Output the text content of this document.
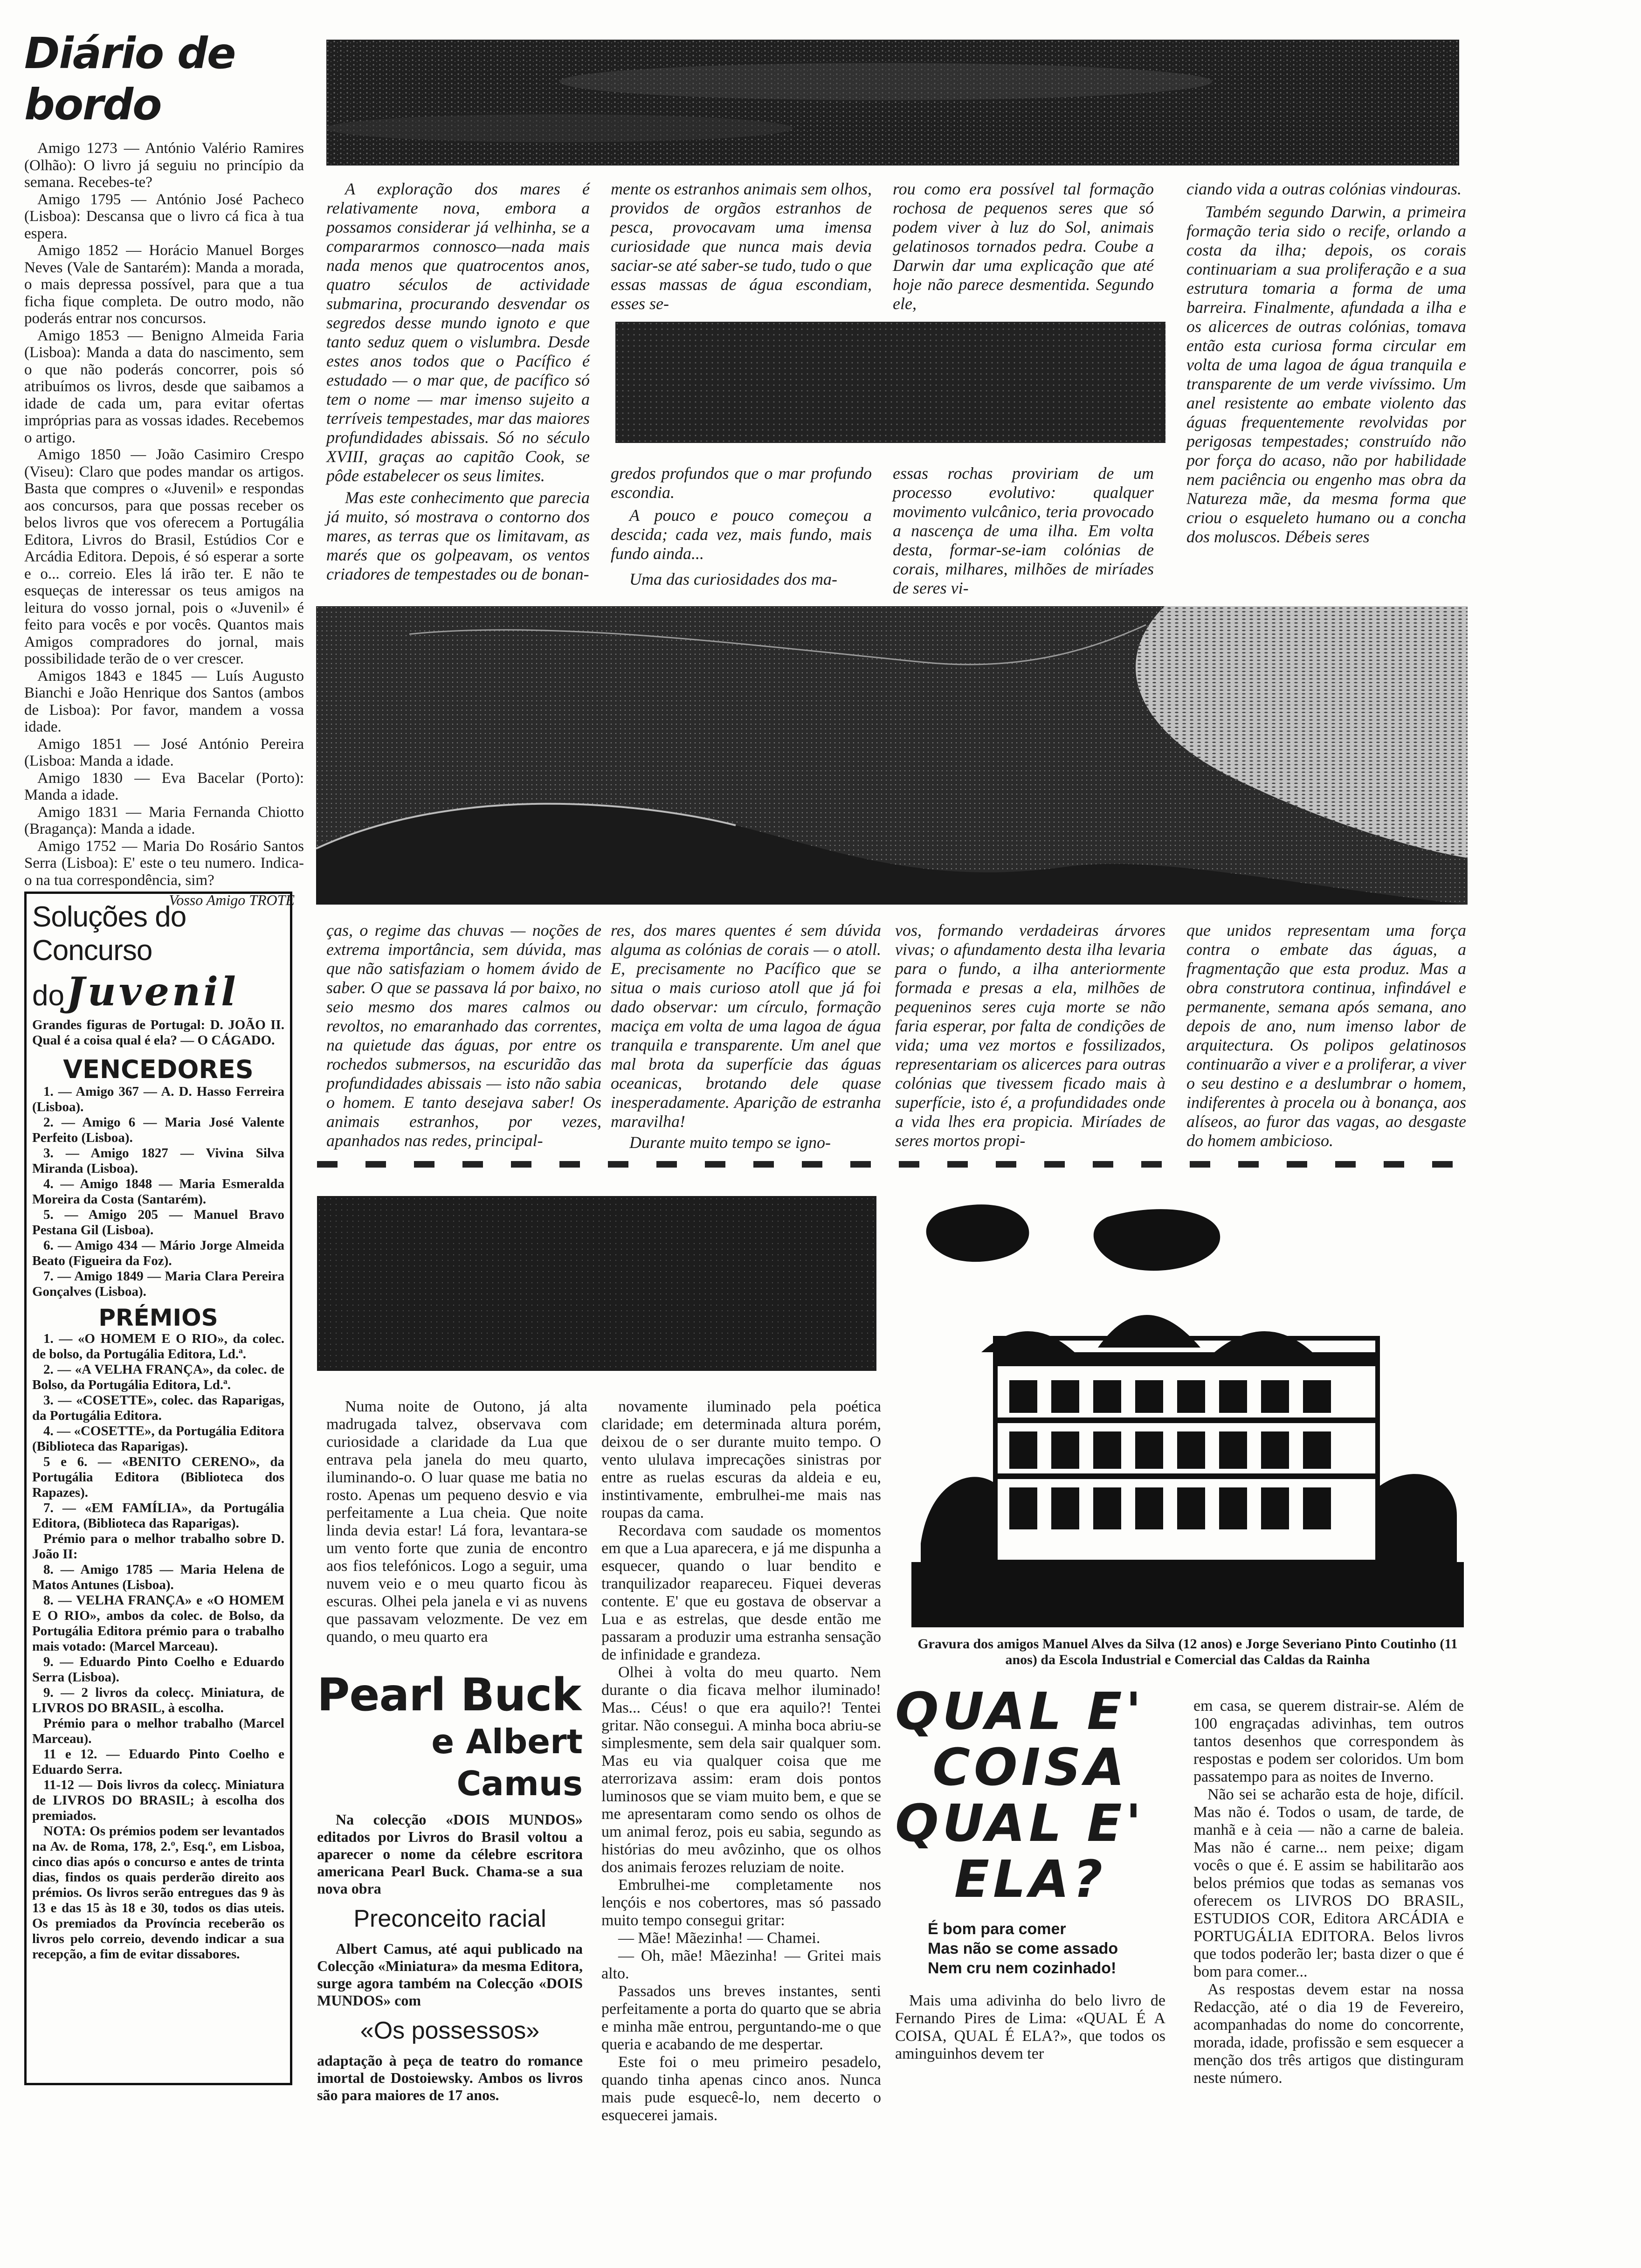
Diário de bordo

Amigo 1273 — António Valério Ramires (Olhão): O livro já seguiu no princípio da semana. Recebes-te?

Amigo 1795 — António José Pacheco (Lisboa): Descansa que o livro cá fica à tua espera.

Amigo 1852 — Horácio Manuel Borges Neves (Vale de Santarém): Manda a morada, o mais depressa possível, para que a tua ficha fique completa. De outro modo, não poderás entrar nos concursos.

Amigo 1853 — Benigno Almeida Faria (Lisboa): Manda a data do nascimento, sem o que não poderás concorrer, pois só atribuímos os livros, desde que saibamos a idade de cada um, para evitar ofertas impróprias para as vossas idades. Recebemos o artigo.

Amigo 1850 — João Casimiro Crespo (Viseu): Claro que podes mandar os artigos. Basta que compres o «Juvenil» e respondas aos concursos, para que possas receber os belos livros que vos oferecem a Portugália Editora, Livros do Brasil, Estúdios Cor e Arcádia Editora. Depois, é só esperar a sorte e o... correio. Eles lá irão ter. E não te esqueças de interessar os teus amigos na leitura do vosso jornal, pois o «Juvenil» é feito para vocês e por vocês. Quantos mais Amigos compradores do jornal, mais possibilidade terão de o ver crescer.

Amigos 1843 e 1845 — Luís Augusto Bianchi e João Henrique dos Santos (ambos de Lisboa): Por favor, mandem a vossa idade.

Amigo 1851 — José António Pereira (Lisboa: Manda a idade.

Amigo 1830 — Eva Bacelar (Porto): Manda a idade.

Amigo 1831 — Maria Fernanda Chiotto (Bragança): Manda a idade.

Amigo 1752 — Maria Do Rosário Santos Serra (Lisboa): E' este o teu numero. Indica-o na tua correspondência, sim?

Vosso Amigo TROTE
Soluções do Concurso
do Juvenil
Grandes figuras de Portugal: D. JOÃO II. Qual é a coisa qual é ela? — O CÁGADO.
VENCEDORES

1. — Amigo 367 — A. D. Hasso Ferreira (Lisboa).

2. — Amigo 6 — Maria José Valente Perfeito (Lisboa).

3. — Amigo 1827 — Vivina Silva Miranda (Lisboa).

4. — Amigo 1848 — Maria Esmeralda Moreira da Costa (Santarém).

5. — Amigo 205 — Manuel Bravo Pestana Gil (Lisboa).

6. — Amigo 434 — Mário Jorge Almeida Beato (Figueira da Foz).

7. — Amigo 1849 — Maria Clara Pereira Gonçalves (Lisboa).

PRÉMIOS

1. — «O HOMEM E O RIO», da colec. de bolso, da Portugália Editora, Ld.ª.

2. — «A VELHA FRANÇA», da colec. de Bolso, da Portugália Editora, Ld.ª.

3. — «COSETTE», colec. das Raparigas, da Portugália Editora.

4. — «COSETTE», da Portugália Editora (Biblioteca das Raparigas).

5 e 6. — «BENITO CERENO», da Portugália Editora (Biblioteca dos Rapazes).

7. — «EM FAMÍLIA», da Portugália Editora, (Biblioteca das Raparigas).

Prémio para o melhor trabalho sobre D. João II:

8. — Amigo 1785 — Maria Helena de Matos Antunes (Lisboa).

8. — VELHA FRANÇA» e «O HOMEM E O RIO», ambos da colec. de Bolso, da Portugália Editora prémio para o trabalho mais votado: (Marcel Marceau).

9. — Eduardo Pinto Coelho e Eduardo Serra (Lisboa).

9. — 2 livros da colecç. Miniatura, de LIVROS DO BRASIL, à escolha.

Prémio para o melhor trabalho (Marcel Marceau).

11 e 12. — Eduardo Pinto Coelho e Eduardo Serra.

11-12 — Dois livros da colecç. Miniatura de LIVROS DO BRASIL; à escolha dos premiados.

NOTA: Os prémios podem ser levantados na Av. de Roma, 178, 2.º, Esq.º, em Lisboa, cinco dias após o concurso e antes de trinta dias, findos os quais perderão direito aos prémios. Os livros serão entregues das 9 às 13 e das 15 às 18 e 30, todos os dias uteis. Os premiados da Província receberão os livros pelo correio, devendo indicar a sua recepção, a fim de evitar dissabores.

A exploração dos mares é relativamente nova, embora a possamos considerar já velhinha, se a compararmos connosco—nada mais nada menos que quatrocentos anos, quatro séculos de actividade submarina, procurando desvendar os segredos desse mundo ignoto e que tanto seduz quem o vislumbra. Desde estes anos todos que o Pacífico é estudado — o mar que, de pacífico só tem o nome — mar imenso sujeito a terríveis tempestades, mar das maiores profundidades abissais. Só no século XVIII, graças ao capitão Cook, se pôde estabelecer os seus limites.

Mas este conhecimento que parecia já muito, só mostrava o contorno dos mares, as terras que os limitavam, as marés que os golpeavam, os ventos criadores de tempestades ou de bonan-

mente os estranhos animais sem olhos, providos de orgãos estranhos de pesca, provocavam uma imensa curiosidade que nunca mais devia saciar-se até saber-se tudo, tudo o que essas massas de água escondiam, esses se-
rou como era possível tal formação rochosa de pequenos seres que só podem viver à luz do Sol, animais gelatinosos tornados pedra. Coube a Darwin dar uma explicação que até hoje não parece desmentida. Segundo ele,

gredos profundos que o mar profundo escondia.

A pouco e pouco começou a descida; cada vez, mais fundo, mais fundo ainda...

Uma das curiosidades dos ma-

essas rochas proviriam de um processo evolutivo: qualquer movimento vulcânico, teria provocado a nascença de uma ilha. Em volta desta, formar-se-iam colónias de corais, milhares, milhões de miríades de seres vi-

ciando vida a outras colónias vindouras.

Também segundo Darwin, a primeira formação teria sido o recife, orlando a costa da ilha; depois, os corais continuariam a sua proliferação e a sua estrutura tomaria a forma de uma barreira. Finalmente, afundada a ilha e os alicerces de outras colónias, tomava então esta curiosa forma circular em volta de uma lagoa de água tranquila e transparente de um verde vivíssimo. Um anel resistente ao embate violento das águas frequentemente revolvidas por perigosas tempestades; construído não por força do acaso, não por habilidade nem paciência ou engenho mas obra da Natureza mãe, da mesma forma que criou o esqueleto humano ou a concha dos moluscos. Débeis seres

ças, o regime das chuvas — noções de extrema importância, sem dúvida, mas que não satisfaziam o homem ávido de saber. O que se passava lá por baixo, no seio mesmo dos mares calmos ou revoltos, no emaranhado das correntes, na quietude das águas, por entre os rochedos submersos, na escuridão das profundidades abissais — isto não sabia o homem. E tanto desejava saber! Os animais estranhos, por vezes, apanhados nas redes, principal-

res, dos mares quentes é sem dúvida alguma as colónias de corais — o atoll. E, precisamente no Pacífico que se situa o mais curioso atoll que já foi dado observar: um círculo, formação maciça em volta de uma lagoa de água tranquila e transparente. Um anel que mal brota da superfície das águas oceanicas, brotando dele quase inesperadamente. Aparição de estranha maravilha!

Durante muito tempo se igno-

vos, formando verdadeiras árvores vivas; o afundamento desta ilha levaria para o fundo, a ilha anteriormente formada e presas a ela, milhões de pequeninos seres cuja morte se não faria esperar, por falta de condições de vida; uma vez mortos e fossilizados, representariam os alicerces para outras colónias que tivessem ficado mais à superfície, isto é, a profundidades onde a vida lhes era propicia. Miríades de seres mortos propi-
que unidos representam uma força contra o embate das águas, a fragmentação que esta produz. Mas a obra construtora continua, infindável e permanente, semana após semana, ano depois de ano, num imenso labor de arquitectura. Os polipos gelatinosos continuarão a viver e a proliferar, a viver o seu destino e a deslumbrar o homem, indiferentes à procela ou à bonança, aos alíseos, ao furor das vagas, ao desgaste do homem ambicioso.
Numa noite de Outono, já alta madrugada talvez, observava com curiosidade a claridade da Lua que entrava pela janela do meu quarto, iluminando-o. O luar quase me batia no rosto. Apenas um pequeno desvio e via perfeitamente a Lua cheia. Que noite linda devia estar! Lá fora, levantara-se um vento forte que zunia de encontro aos fios telefónicos. Logo a seguir, uma nuvem veio e o meu quarto ficou às escuras. Olhei pela janela e vi as nuvens que passavam velozmente. De vez em quando, o meu quarto era

novamente iluminado pela poética claridade; em determinada altura porém, deixou de o ser durante muito tempo. O vento ululava imprecações sinistras por entre as ruelas escuras da aldeia e eu, instintivamente, embrulhei-me mais nas roupas da cama.

Recordava com saudade os momentos em que a Lua aparecera, e já me dispunha a esquecer, quando o luar bendito e tranquilizador reapareceu. Fiquei deveras contente. E' que eu gostava de observar a Lua e as estrelas, que desde então me passaram a produzir uma estranha sensação de infinidade e grandeza.

Olhei à volta do meu quarto. Nem durante o dia ficava melhor iluminado! Mas... Céus! o que era aquilo?! Tentei gritar. Não consegui. A minha boca abriu-se simplesmente, sem dela sair qualquer som. Mas eu via qualquer coisa que me aterrorizava assim: eram dois pontos luminosos que se viam muito bem, e que se me apresentaram como sendo os olhos de um animal feroz, pois eu sabia, segundo as histórias do meu avôzinho, que os olhos dos animais ferozes reluziam de noite.

Embrulhei-me completamente nos lençóis e nos cobertores, mas só passado muito tempo consegui gritar:

— Mãe! Mãezinha! — Chamei.

— Oh, mãe! Mãezinha! — Gritei mais alto.

Passados uns breves instantes, senti perfeitamente a porta do quarto que se abria e minha mãe entrou, perguntando-me o que queria e acabando de me despertar.

Este foi o meu primeiro pesadelo, quando tinha apenas cinco anos. Nunca mais pude esquecê-lo, nem decerto o esquecerei jamais.

Pearl Buck
e Albert Camus
Na colecção «DOIS MUNDOS» editados por Livros do Brasil voltou a aparecer o nome da célebre escritora americana Pearl Buck. Chama-se a sua nova obra
Preconceito racial
Albert Camus, até aqui publicado na Colecção «Miniatura» da mesma Editora, surge agora também na Colecção «DOIS MUNDOS» com
«Os possessos»
adaptação à peça de teatro do romance imortal de Dostoiewsky. Ambos os livros são para maiores de 17 anos.
Gravura dos amigos Manuel Alves da Silva (12 anos) e Jorge Severiano Pinto Coutinho (11 anos) da Escola Industrial e Comercial das Caldas da Rainha
QUAL E'
COISA
QUAL E'
ELA?
É bom para comer
Mas não se come assado
Nem cru nem cozinhado!
Mais uma adivinha do belo livro de Fernando Pires de Lima: «QUAL É A COISA, QUAL É ELA?», que todos os aminguinhos devem ter

em casa, se querem distrair-se. Além de 100 engraçadas adivinhas, tem outros tantos desenhos que correspondem às respostas e podem ser coloridos. Um bom passatempo para as noites de Inverno.

Não sei se acharão esta de hoje, difícil. Mas não é. Todos o usam, de tarde, de manhã e à ceia — não a carne de baleia. Mas não é carne... nem peixe; digam vocês o que é. E assim se habilitarão aos belos prémios que todas as semanas vos oferecem os LIVROS DO BRASIL, ESTUDIOS COR, Editora ARCÁDIA e PORTUGÁLIA EDITORA. Belos livros que todos poderão ler; basta dizer o que é bom para comer...

As respostas devem estar na nossa Redacção, até o dia 19 de Fevereiro, acompanhadas do nome do concorrente, morada, idade, profissão e sem esquecer a menção dos três artigos que distinguram neste número.
